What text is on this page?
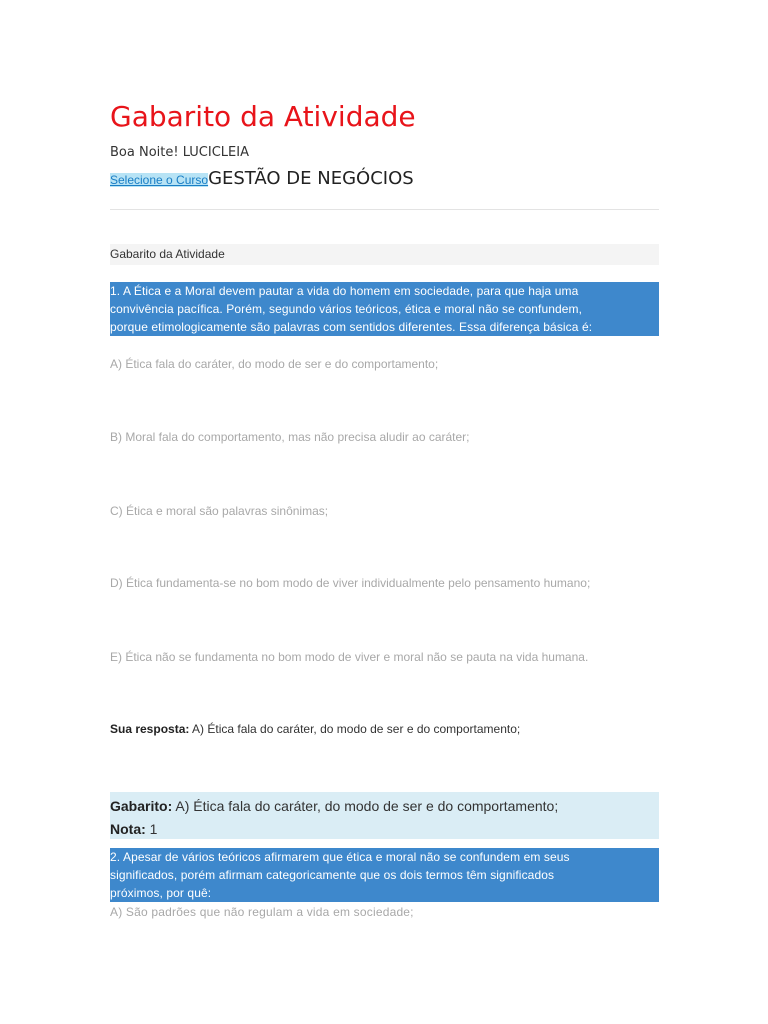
Gabarito da Atividade
Boa Noite! LUCICLEIA
Selecione o CursoGESTÃO DE NEGÓCIOS
Gabarito da Atividade
1. A Ética e a Moral devem pautar a vida do homem em sociedade, para que haja uma
convivência pacífica. Porém, segundo vários teóricos, ética e moral não se confundem,
porque etimologicamente são palavras com sentidos diferentes. Essa diferença básica é:
A) Ética fala do caráter, do modo de ser e do comportamento;
B) Moral fala do comportamento, mas não precisa aludir ao caráter;
C) Ética e moral são palavras sinônimas;
D) Ética fundamenta-se no bom modo de viver individualmente pelo pensamento humano;
E) Ética não se fundamenta no bom modo de viver e moral não se pauta na vida humana.
Sua resposta: A) Ética fala do caráter, do modo de ser e do comportamento;
Gabarito: A) Ética fala do caráter, do modo de ser e do comportamento;
Nota: 1
2. Apesar de vários teóricos afirmarem que ética e moral não se confundem em seus
significados, porém afirmam categoricamente que os dois termos têm significados
próximos, por quê:
A) São padrões que não regulam a vida em sociedade;
